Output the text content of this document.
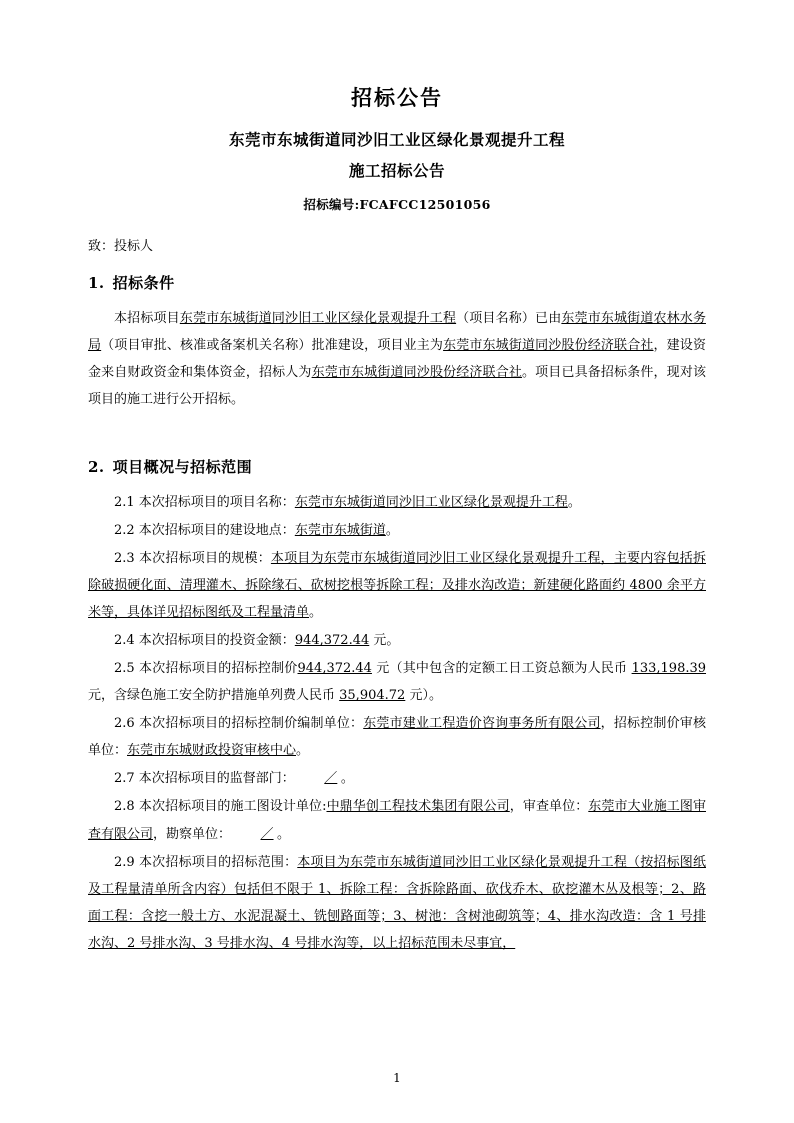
招标公告
东莞市东城街道同沙旧工业区绿化景观提升工程
施工招标公告
招标编号:FCAFCC12501056
致：投标人
1. 招标条件

本招标项目东莞市东城街道同沙旧工业区绿化景观提升工程（项目名称）已由东莞市东城街道农林水务局（项目审批、核准或备案机关名称）批准建设，项目业主为东莞市东城街道同沙股份经济联合社，建设资金来自财政资金和集体资金，招标人为东莞市东城街道同沙股份经济联合社。项目已具备招标条件，现对该项目的施工进行公开招标。

2. 项目概况与招标范围

2.1 本次招标项目的项目名称：东莞市东城街道同沙旧工业区绿化景观提升工程。

2.2 本次招标项目的建设地点：东莞市东城街道。

2.3 本次招标项目的规模：本项目为东莞市东城街道同沙旧工业区绿化景观提升工程，主要内容包括拆除破损硬化面、清理灌木、拆除缘石、砍树挖根等拆除工程；及排水沟改造；新建硬化路面约 4800 余平方米等，具体详见招标图纸及工程量清单。

2.4 本次招标项目的投资金额：944,372.44 元。

2.5 本次招标项目的招标控制价944,372.44 元（其中包含的定额工日工资总额为人民币 133,198.39 元，含绿色施工安全防护措施单列费人民币 35,904.72 元）。

2.6 本次招标项目的招标控制价编制单位：东莞市建业工程造价咨询事务所有限公司，招标控制价审核单位：东莞市东城财政投资审核中心。

2.7 本次招标项目的监督部门： ／ 。

2.8 本次招标项目的施工图设计单位:中鼎华创工程技术集团有限公司，审查单位：东莞市大业施工图审查有限公司，勘察单位： ／ 。

2.9 本次招标项目的招标范围：本项目为东莞市东城街道同沙旧工业区绿化景观提升工程（按招标图纸及工程量清单所含内容）包括但不限于 1、拆除工程：含拆除路面、砍伐乔木、砍挖灌木丛及根等；2、路面工程：含挖一般土方、水泥混凝土、铣刨路面等；3、树池：含树池砌筑等；4、排水沟改造：含 1 号排水沟、2 号排水沟、3 号排水沟、4 号排水沟等，以上招标范围未尽事宜，

1
